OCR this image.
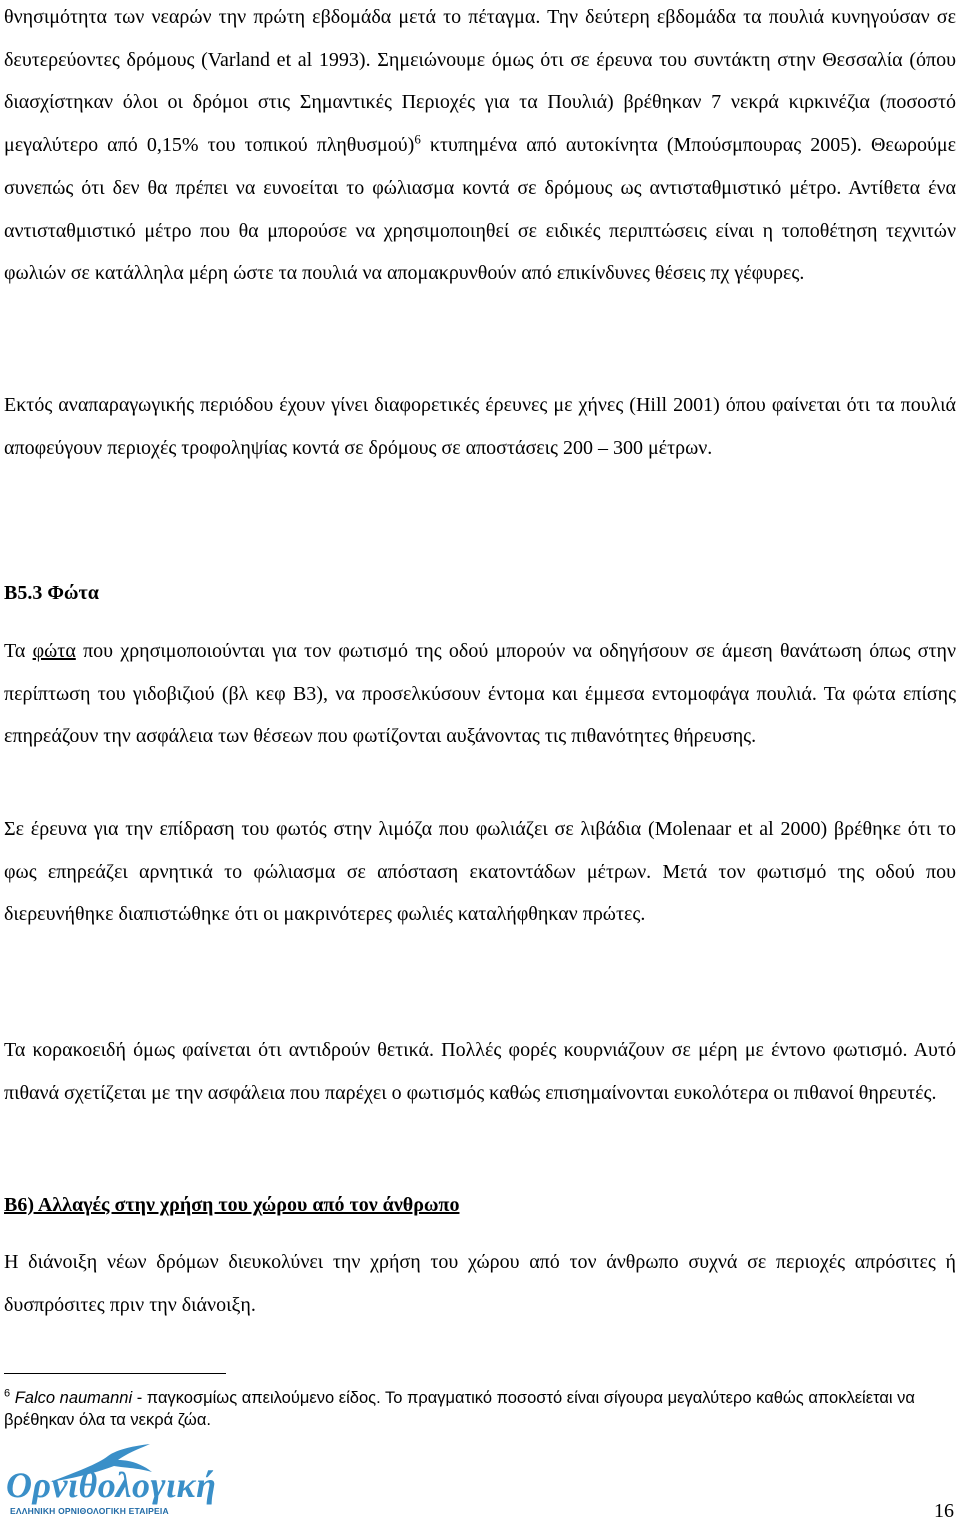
θνησιμότητα των νεαρών την πρώτη εβδομάδα μετά το πέταγμα. Την δεύτερη εβδομάδα τα πουλιά κυνηγούσαν σε δευτερεύοντες δρόμους (Varland et al 1993). Σημειώνουμε όμως ότι σε έρευνα του συντάκτη στην Θεσσαλία (όπου διασχίστηκαν όλοι οι δρόμοι στις Σημαντικές Περιοχές για τα Πουλιά) βρέθηκαν 7 νεκρά κιρκινέζια (ποσοστό μεγαλύτερο από 0,15% του τοπικού πληθυσμού)$^6$ κτυπημένα από αυτοκίνητα (Μπούσμπουρας 2005). Θεωρούμε συνεπώς ότι δεν θα πρέπει να ευνοείται το φώλιασμα κοντά σε δρόμους ως αντισταθμιστικό μέτρο. Αντίθετα ένα αντισταθμιστικό μέτρο που θα μπορούσε να χρησιμοποιηθεί σε ειδικές περιπτώσεις είναι η τοποθέτηση τεχνιτών φωλιών σε κατάλληλα μέρη ώστε τα πουλιά να απομακρυνθούν από επικίνδυνες θέσεις πχ γέφυρες.

Εκτός αναπαραγωγικής περιόδου έχουν γίνει διαφορετικές έρευνες με χήνες (Hill 2001) όπου φαίνεται ότι τα πουλιά αποφεύγουν περιοχές τροφοληψίας κοντά σε δρόμους σε αποστάσεις 200 – 300 μέτρων.

Β5.3 Φώτα

Τα φώτα που χρησιμοποιούνται για τον φωτισμό της οδού μπορούν να οδηγήσουν σε άμεση θανάτωση όπως στην περίπτωση του γιδοβιζιού (βλ κεφ Β3), να προσελκύσουν έντομα και έμμεσα εντομοφάγα πουλιά. Τα φώτα επίσης επηρεάζουν την ασφάλεια των θέσεων που φωτίζονται αυξάνοντας τις πιθανότητες θήρευσης.

Σε έρευνα για την επίδραση του φωτός στην λιμόζα που φωλιάζει σε λιβάδια (Molenaar et al 2000) βρέθηκε ότι το φως επηρεάζει αρνητικά το φώλιασμα σε απόσταση εκατοντάδων μέτρων. Μετά τον φωτισμό της οδού που διερευνήθηκε διαπιστώθηκε ότι οι μακρινότερες φωλιές καταλήφθηκαν πρώτες.

Τα κορακοειδή όμως φαίνεται ότι αντιδρούν θετικά. Πολλές φορές κουρνιάζουν σε μέρη με έντονο φωτισμό. Αυτό πιθανά σχετίζεται με την ασφάλεια που παρέχει ο φωτισμός καθώς επισημαίνονται ευκολότερα οι πιθανοί θηρευτές.

Β6) Αλλαγές στην χρήση του χώρου από τον άνθρωπο

Η διάνοιξη νέων δρόμων διευκολύνει την χρήση του χώρου από τον άνθρωπο συχνά σε περιοχές απρόσιτες ή δυσπρόσιτες πριν την διάνοιξη.

$^6$ Falco naumanni - παγκοσμίως απειλούμενο είδος. Το πραγματικό ποσοστό είναι σίγουρα μεγαλύτερο καθώς αποκλείεται να βρέθηκαν όλα τα νεκρά ζώα.
Ορνιθολογική
ΕΛΛΗΝΙΚΗ ΟΡΝΙΘΟΛΟΓΙΚΗ ΕΤΑΙΡΕΙΑ	16
